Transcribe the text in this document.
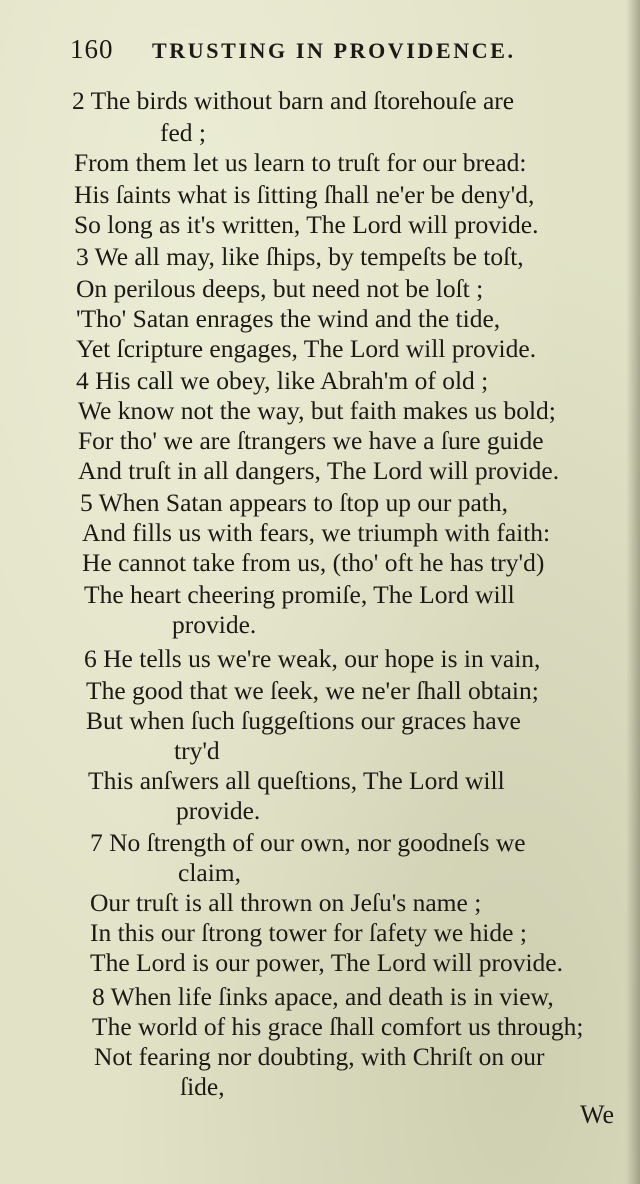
160 TRUSTING IN PROVIDENCE.
2 The birds without barn and ſtorehouſe are
fed ;
From them let us learn to truſt for our bread:
His ſaints what is ſitting ſhall ne'er be deny'd,
So long as it's written, The Lord will provide.
3 We all may, like ſhips, by tempeſts be toſt,
On perilous deeps, but need not be loſt ;
'Tho' Satan enrages the wind and the tide,
Yet ſcripture engages, The Lord will provide.
4 His call we obey, like Abrah'm of old ;
We know not the way, but faith makes us bold;
For tho' we are ſtrangers we have a ſure guide
And truſt in all dangers, The Lord will provide.
5 When Satan appears to ſtop up our path,
And fills us with fears, we triumph with faith:
He cannot take from us, (tho' oft he has try'd)
The heart cheering promiſe, The Lord will
provide.
6 He tells us we're weak, our hope is in vain,
The good that we ſeek, we ne'er ſhall obtain;
But when ſuch ſuggeſtions our graces have
try'd
This anſwers all queſtions, The Lord will
provide.
7 No ſtrength of our own, nor goodneſs we
claim,
Our truſt is all thrown on Jeſu's name ;
In this our ſtrong tower for ſafety we hide ;
The Lord is our power, The Lord will provide.
8 When life ſinks apace, and death is in view,
The world of his grace ſhall comfort us through;
Not fearing nor doubting, with Chriſt on our
ſide,
We
